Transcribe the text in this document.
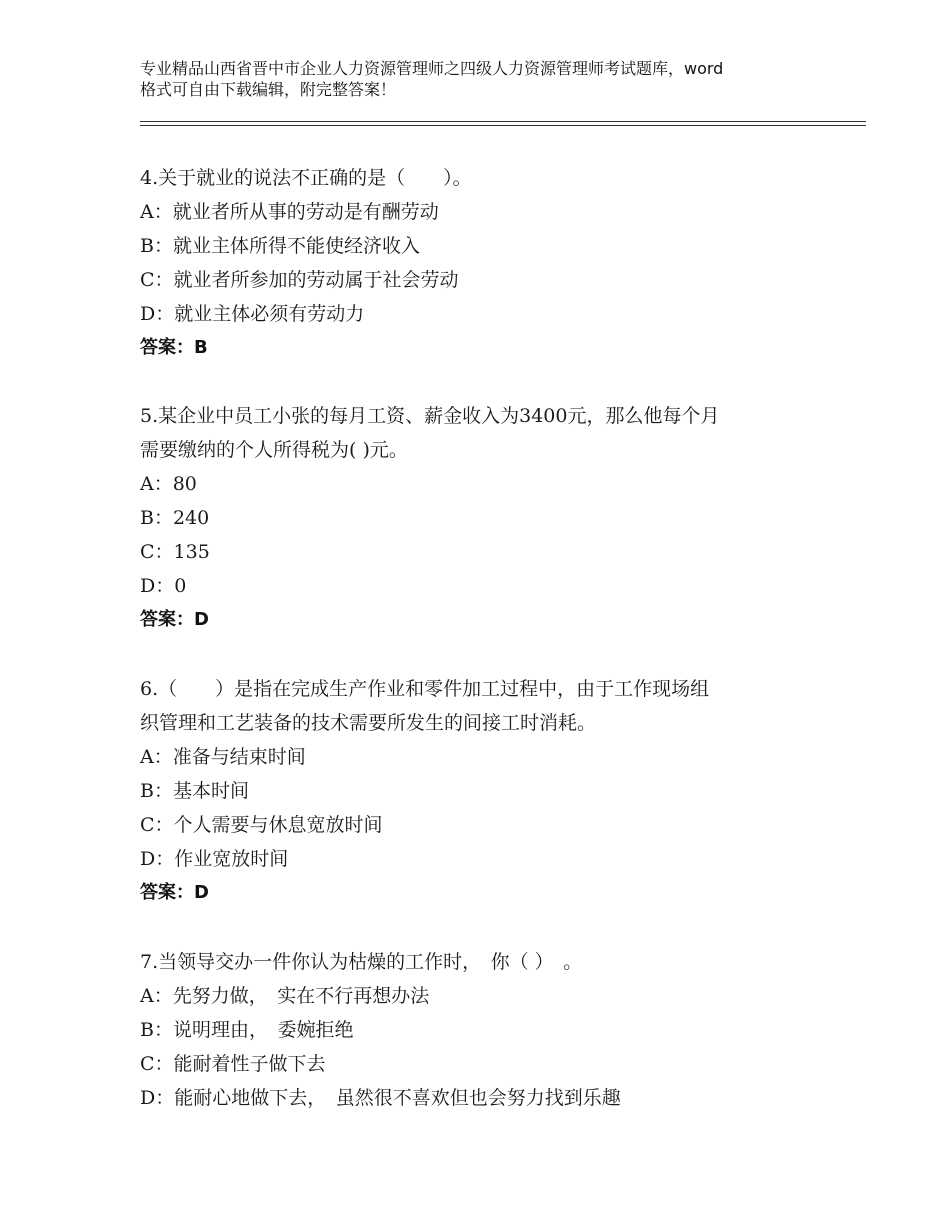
专业精品山西省晋中市企业人力资源管理师之四级人力资源管理师考试题库，word
格式可自由下载编辑，附完整答案！
4.关于就业的说法不正确的是（　　）。
A：就业者所从事的劳动是有酬劳动
B：就业主体所得不能使经济收入
C：就业者所参加的劳动属于社会劳动
D：就业主体必须有劳动力
答案：B
5.某企业中员工小张的每月工资、薪金收入为3400元，那么他每个月
需要缴纳的个人所得税为( )元。
A：80
B：240
C：135
D：0
答案：D
6.（　　）是指在完成生产作业和零件加工过程中，由于工作现场组
织管理和工艺装备的技术需要所发生的间接工时消耗。
A：准备与结束时间
B：基本时间
C：个人需要与休息宽放时间
D：作业宽放时间
答案：D
7.当领导交办一件你认为枯燥的工作时，　你（ ）　。
A：先努力做，　实在不行再想办法
B：说明理由，　委婉拒绝
C：能耐着性子做下去
D：能耐心地做下去，　虽然很不喜欢但也会努力找到乐趣
